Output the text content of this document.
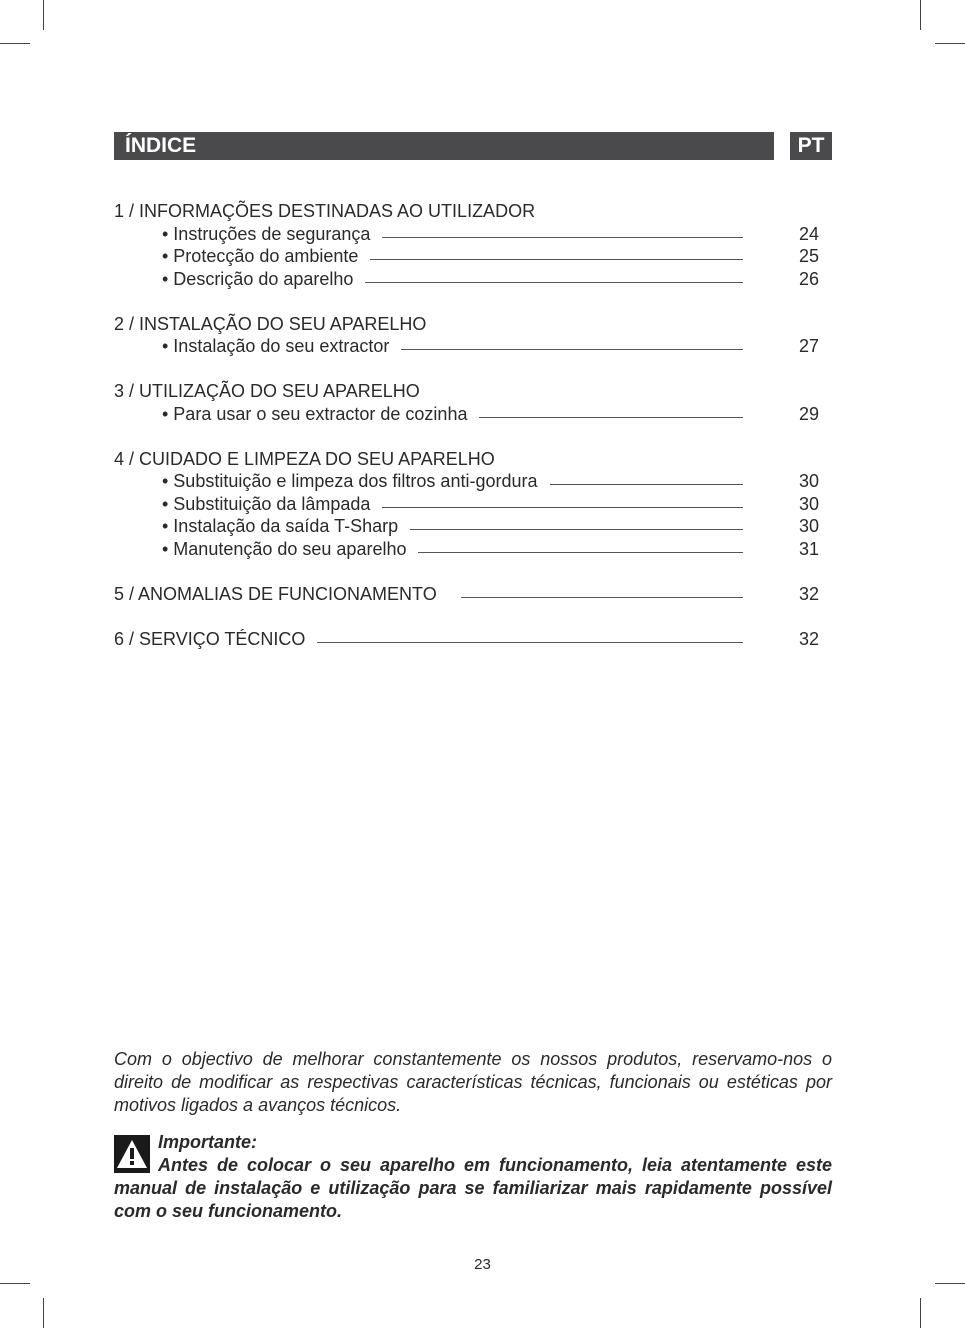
ÍNDICE	PT
1 / INFORMAÇÕES DESTINADAS AO UTILIZADOR
• Instruções de segurança	24
• Protecção do ambiente	25
• Descrição do aparelho	26
2 / INSTALAÇÃO DO SEU APARELHO
• Instalação do seu extractor	27
3 / UTILIZAÇÃO DO SEU APARELHO
• Para usar o seu extractor de cozinha	29
4 / CUIDADO E LIMPEZA DO SEU APARELHO
• Substituição e limpeza dos filtros anti-gordura	30
• Substituição da lâmpada	30
• Instalação da saída T-Sharp	30
• Manutenção do seu aparelho	31
5 / ANOMALIAS DE FUNCIONAMENTO	32
6 / SERVIÇO TÉCNICO	32
Com o objectivo de melhorar constantemente os nossos produtos, reservamo-nos o direito de modificar as respectivas características técnicas, funcionais ou estéticas por motivos ligados a avanços técnicos.
Importante:
Antes de colocar o seu aparelho em funcionamento, leia atentamente este manual de instalação e utilização para se familiarizar mais rapidamente possível com o seu funcionamento.
23
